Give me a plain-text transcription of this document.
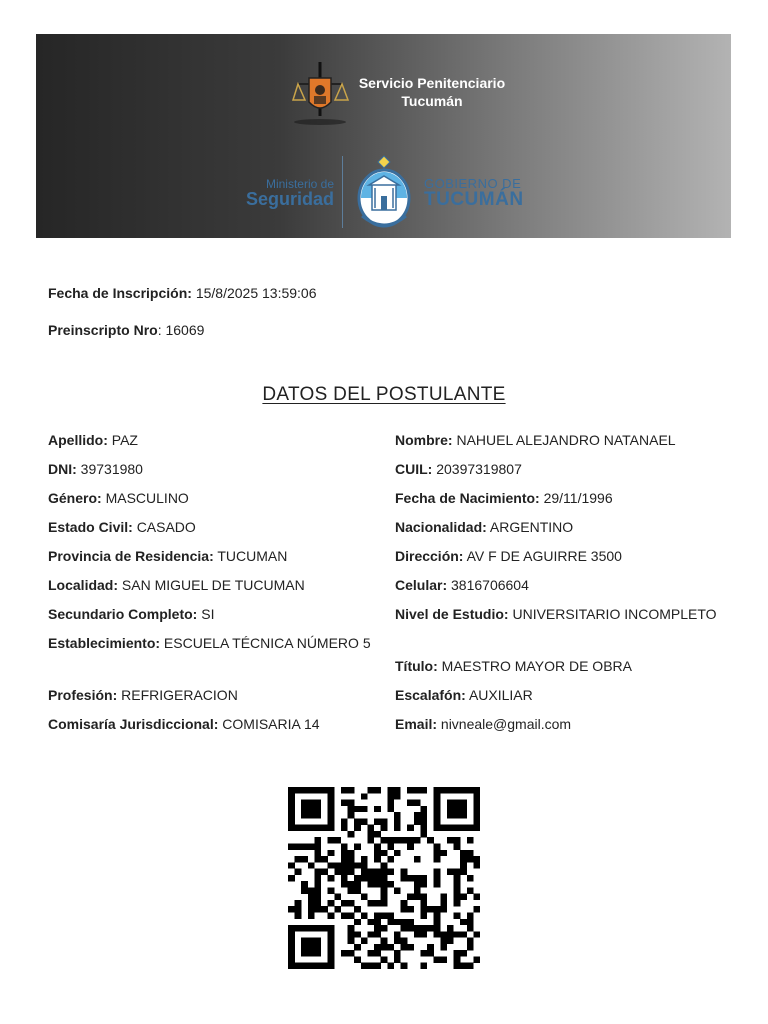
Servicio Penitenciario
Tucumán
Ministerio de
Seguridad
GOBIERNO DE
TUCUMÁN
Fecha de Inscripción: 15/8/2025 13:59:06
Preinscripto Nro: 16069
DATOS DEL POSTULANTE
Apellido: PAZ
DNI: 39731980
Género: MASCULINO
Estado Civil: CASADO
Provincia de Residencia: TUCUMAN
Localidad: SAN MIGUEL DE TUCUMAN
Secundario Completo: SI
Establecimiento: ESCUELA TÉCNICA NÚMERO 5
Profesión: REFRIGERACION
Comisaría Jurisdiccional: COMISARIA 14
Nombre: NAHUEL ALEJANDRO NATANAEL
CUIL: 20397319807
Fecha de Nacimiento: 29/11/1996
Nacionalidad: ARGENTINO
Dirección: AV F DE AGUIRRE 3500
Celular: 3816706604
Nivel de Estudio: UNIVERSITARIO INCOMPLETO
Título: MAESTRO MAYOR DE OBRA
Escalafón: AUXILIAR
Email: nivneale@gmail.com
